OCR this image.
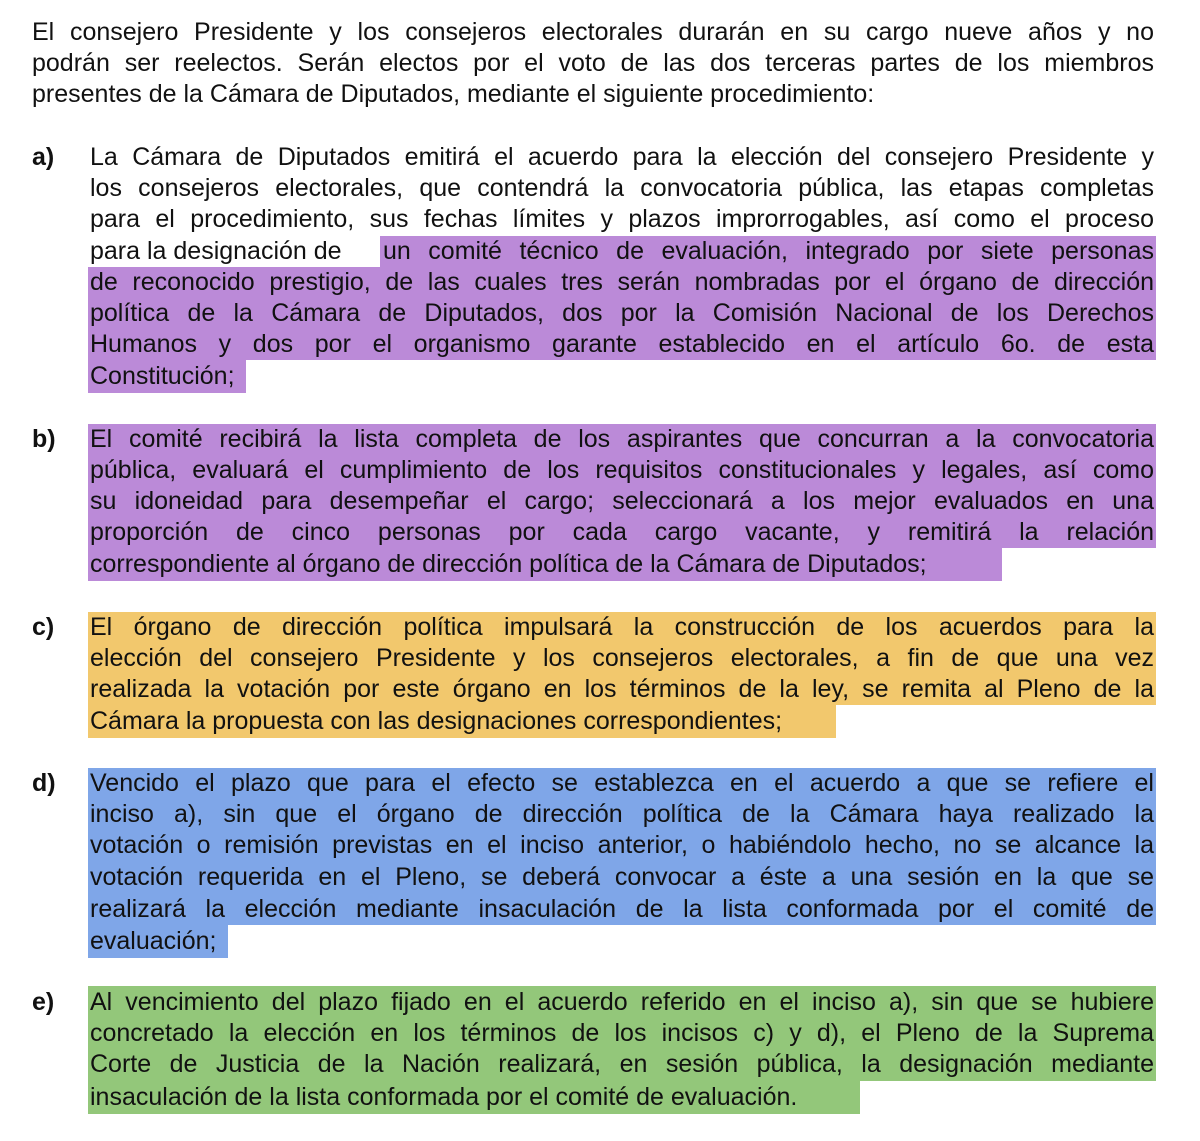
El consejero Presidente y los consejeros electorales durarán en su cargo nueve años y no
podrán ser reelectos. Serán electos por el voto de las dos terceras partes de los miembros
presentes de la Cámara de Diputados, mediante el siguiente procedimiento:
a) La Cámara de Diputados emitirá el acuerdo para la elección del consejero Presidente y
los consejeros electorales, que contendrá la convocatoria pública, las etapas completas
para el procedimiento, sus fechas límites y plazos improrrogables, así como el proceso
para la designación de	un comité técnico de evaluación, integrado por siete personas
de reconocido prestigio, de las cuales tres serán nombradas por el órgano de dirección
política de la Cámara de Diputados, dos por la Comisión Nacional de los Derechos
Humanos y dos por el organismo garante establecido en el artículo 6o. de esta
Constitución;
b) El comité recibirá la lista completa de los aspirantes que concurran a la convocatoria
pública, evaluará el cumplimiento de los requisitos constitucionales y legales, así como
su idoneidad para desempeñar el cargo; seleccionará a los mejor evaluados en una
proporción de cinco personas por cada cargo vacante, y remitirá la relación
correspondiente al órgano de dirección política de la Cámara de Diputados;
c) El órgano de dirección política impulsará la construcción de los acuerdos para la
elección del consejero Presidente y los consejeros electorales, a fin de que una vez
realizada la votación por este órgano en los términos de la ley, se remita al Pleno de la
Cámara la propuesta con las designaciones correspondientes;
d) Vencido el plazo que para el efecto se establezca en el acuerdo a que se refiere el
inciso a), sin que el órgano de dirección política de la Cámara haya realizado la
votación o remisión previstas en el inciso anterior, o habiéndolo hecho, no se alcance la
votación requerida en el Pleno, se deberá convocar a éste a una sesión en la que se
realizará la elección mediante insaculación de la lista conformada por el comité de
evaluación;
e) Al vencimiento del plazo fijado en el acuerdo referido en el inciso a), sin que se hubiere
concretado la elección en los términos de los incisos c) y d), el Pleno de la Suprema
Corte de Justicia de la Nación realizará, en sesión pública, la designación mediante
insaculación de la lista conformada por el comité de evaluación.
